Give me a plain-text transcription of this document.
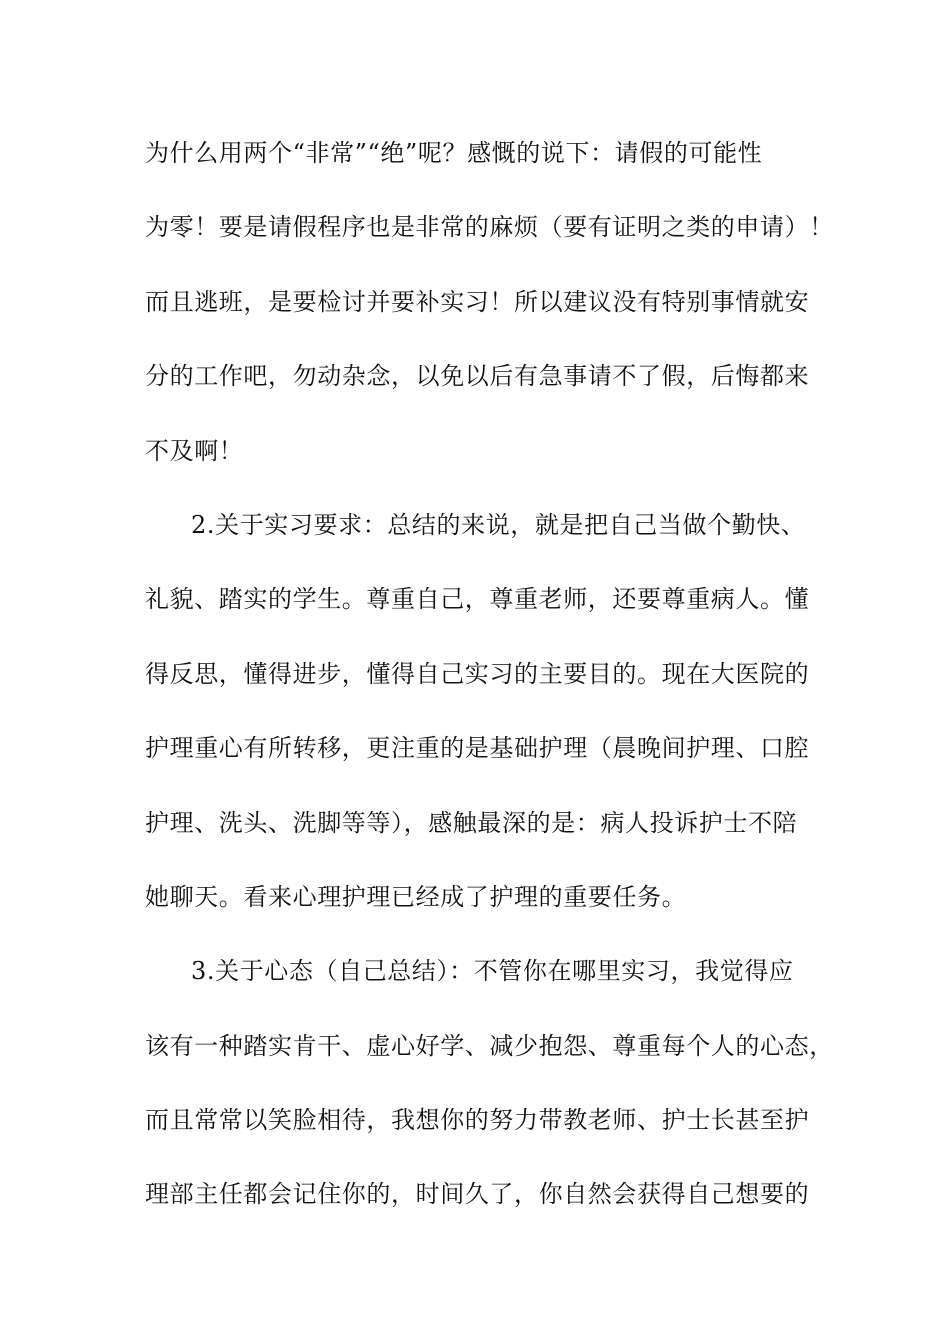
为什么用两个“非常”“绝”呢？感慨的说下：请假的可能性
为零！要是请假程序也是非常的麻烦（要有证明之类的申请）！
而且逃班，是要检讨并要补实习！所以建议没有特别事情就安
分的工作吧，勿动杂念，以免以后有急事请不了假，后悔都来
不及啊！
2.关于实习要求：总结的来说，就是把自己当做个勤快、
礼貌、踏实的学生。尊重自己，尊重老师，还要尊重病人。懂
得反思，懂得进步，懂得自己实习的主要目的。现在大医院的
护理重心有所转移，更注重的是基础护理（晨晚间护理、口腔
护理、洗头、洗脚等等），感触最深的是：病人投诉护士不陪
她聊天。看来心理护理已经成了护理的重要任务。
3.关于心态（自己总结）：不管你在哪里实习，我觉得应
该有一种踏实肯干、虚心好学、减少抱怨、尊重每个人的心态，
而且常常以笑脸相待，我想你的努力带教老师、护士长甚至护
理部主任都会记住你的，时间久了，你自然会获得自己想要的
